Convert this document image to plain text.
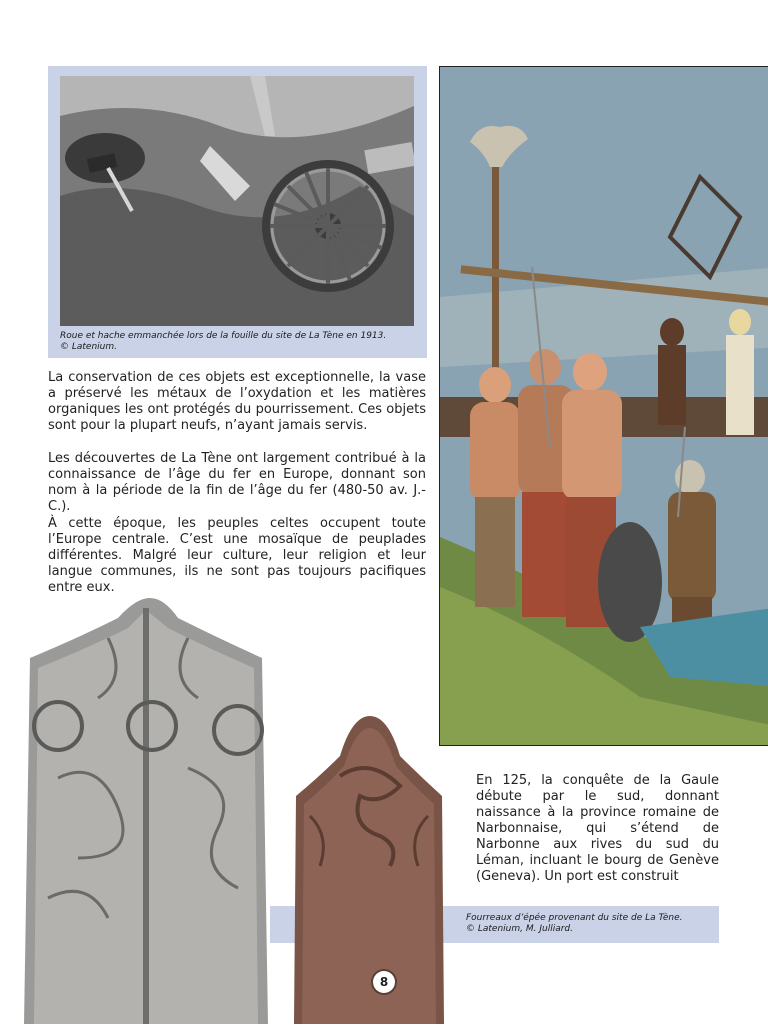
Roue et hache emmanchée lors de la fouille du site de La Tène en 1913.
© Latenium.

La conservation de ces objets est exceptionnelle, la vase a préservé les métaux de l’oxydation et les matières organiques les ont protégés du pourrissement. Ces objets sont pour la plupart neufs, n’ayant jamais servis.

Les découvertes de La Tène ont largement contribué à la connaissance de l’âge du fer en Europe, donnant son nom à la période de la fin de l’âge du fer (480-50 av. J.-C.).

À cette époque, les peuples celtes occupent toute l’Europe centrale. C’est une mosaïque de peuplades différentes. Malgré leur culture, leur religion et leur langue communes, ils ne sont pas toujours pacifiques entre eux.

Fourreaux d’épée provenant du site de La Tène.
© Latenium, M. Julliard.

En 125, la conquête de la Gaule débute par le sud, donnant naissance à la province romaine de Narbonnaise, qui s’étend de Narbonne aux rives du sud du Léman, incluant le bourg de Genève (Geneva). Un port est construit

8
